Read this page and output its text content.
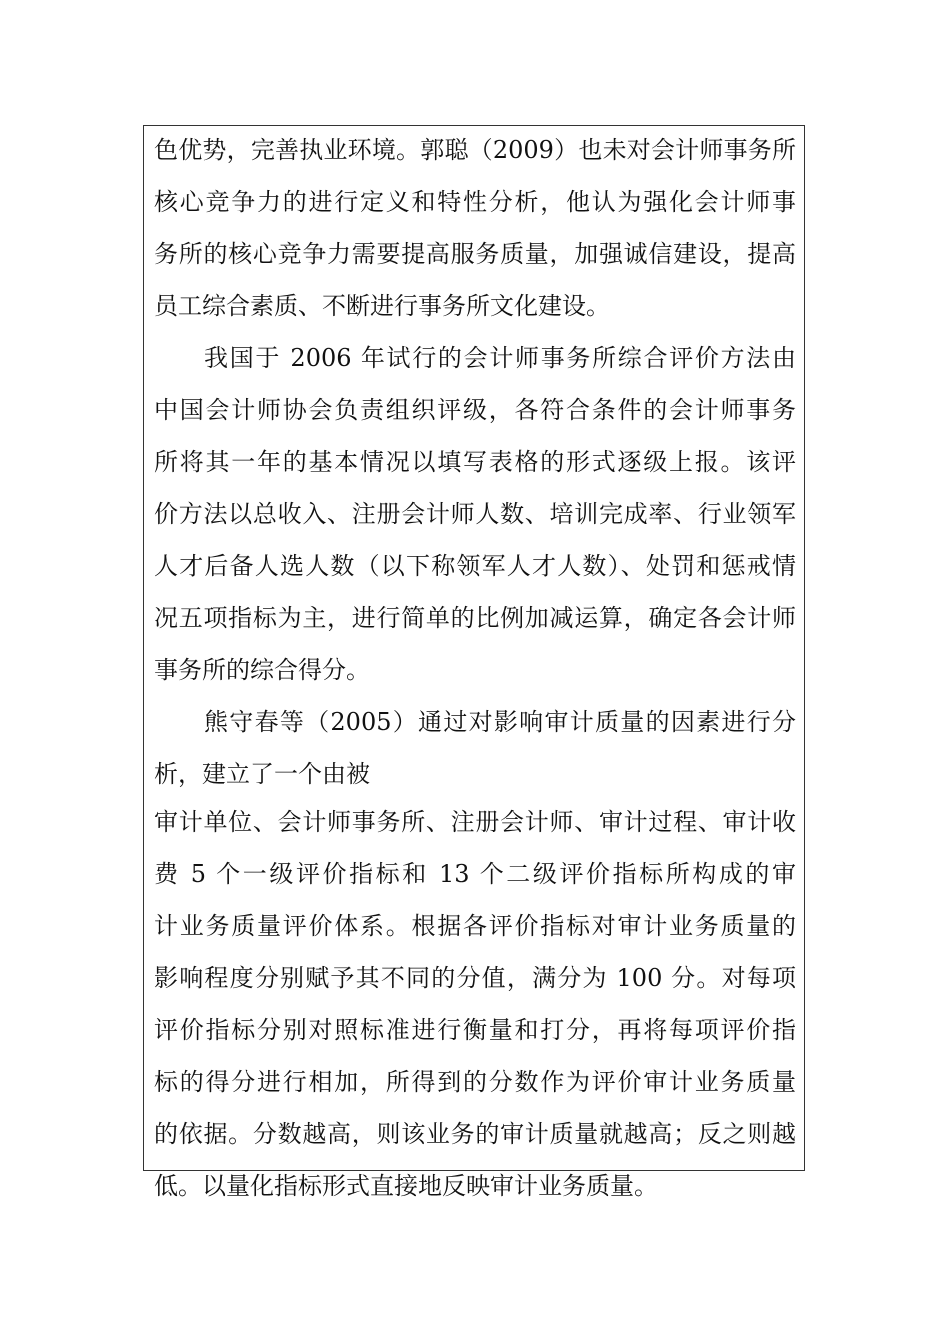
色优势，完善执业环境。郭聪（2009）也未对会计师事务所
核心竞争力的进行定义和特性分析，他认为强化会计师事
务所的核心竞争力需要提高服务质量，加强诚信建设，提高
员工综合素质、不断进行事务所文化建设。
我国于 2006 年试行的会计师事务所综合评价方法由
中国会计师协会负责组织评级，各符合条件的会计师事务
所将其一年的基本情况以填写表格的形式逐级上报。该评
价方法以总收入、注册会计师人数、培训完成率、行业领军
人才后备人选人数（以下称领军人才人数）、处罚和惩戒情
况五项指标为主，进行简单的比例加减运算，确定各会计师
事务所的综合得分。
熊守春等（2005）通过对影响审计质量的因素进行分
析，建立了一个由被
审计单位、会计师事务所、注册会计师、审计过程、审计收
费 5 个一级评价指标和 13 个二级评价指标所构成的审
计业务质量评价体系。根据各评价指标对审计业务质量的
影响程度分别赋予其不同的分值，满分为 100 分。对每项
评价指标分别对照标准进行衡量和打分，再将每项评价指
标的得分进行相加，所得到的分数作为评价审计业务质量
的依据。分数越高，则该业务的审计质量就越高；反之则越
低。以量化指标形式直接地反映审计业务质量。
